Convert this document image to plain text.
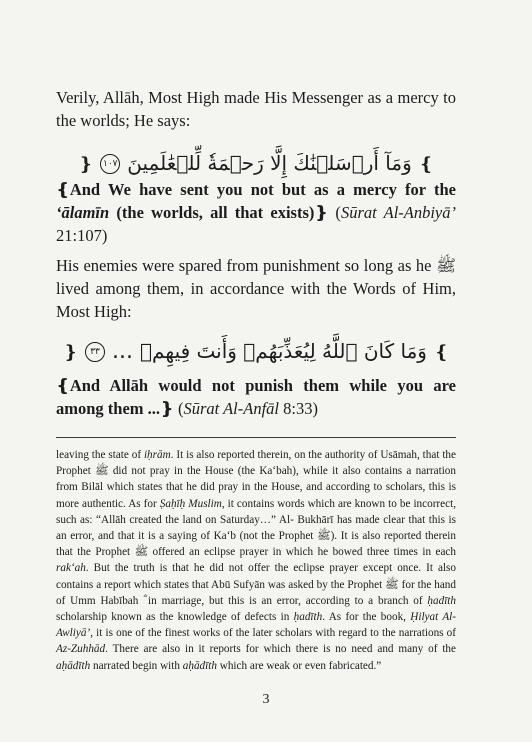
Verily, Allāh, Most High made His Messenger as a mercy to the worlds; He says:

❵ ١٠٧ وَمَآ أَرۡسَلۡنَٰكَ إِلَّا رَحۡمَةٗ لِّلۡعَٰلَمِينَ ❴

❴And We have sent you not but as a mercy for the ‘ālamīn (the worlds, all that exists)❵ (Sūrat Al-Anbiyā’ 21:107)

His enemies were spared from punishment so long as he ﷺ lived among them, in accordance with the Words of Him, Most High:

❵ ٣٣ ... وَمَا كَانَ ٱللَّهُ لِيُعَذِّبَهُمۡ وَأَنتَ فِيهِمۡ ❴

❴And Allāh would not punish them while you are among them ...❵ (Sūrat Al-Anfāl 8:33)

leaving the state of iḥrām. It is also reported therein, on the authority of Usāmah, that the Prophet ﷺ did not pray in the House (the Ka‘bah), while it also contains a narration from Bilāl which states that he did pray in the House, and according to scholars, this is more authentic. As for Ṣaḥīḥ Muslim, it contains words which are known to be incorrect, such as: “Allāh created the land on Saturday…” Al- Bukhārī has made clear that this is an error, and that it is a saying of Ka‘b (not the Prophet ﷺ). It is also reported therein that the Prophet ﷺ offered an eclipse prayer in which he bowed three times in each rak‘ah. But the truth is that he did not offer the eclipse prayer except once. It also contains a report which states that Abū Sufyān was asked by the Prophet ﷺ for the hand of Umm Habībah in marriage, but this is an error, according to a branch of ḥadīth scholarship known as the knowledge of defects in ḥadīth. As for the book, Ḥilyat Al-Awliyā’, it is one of the finest works of the later scholars with regard to the narrations of Az-Zuhhād. There are also in it reports for which there is no need and many of the aḥādīth narrated begin with aḥādīth which are weak or even fabricated.”

3
